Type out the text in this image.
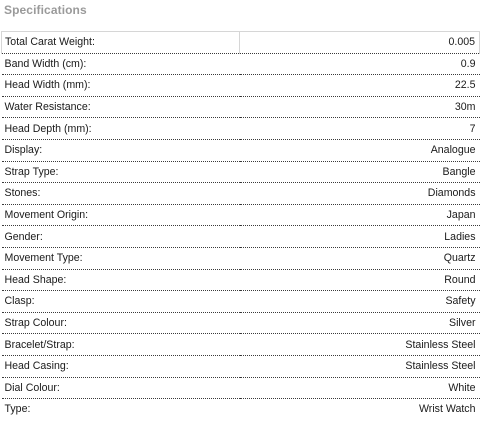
Specifications
Total Carat Weight:	0.005
Band Width (cm):	0.9
Head Width (mm):	22.5
Water Resistance:	30m
Head Depth (mm):	7
Display:	Analogue
Strap Type:	Bangle
Stones:	Diamonds
Movement Origin:	Japan
Gender:	Ladies
Movement Type:	Quartz
Head Shape:	Round
Clasp:	Safety
Strap Colour:	Silver
Bracelet/Strap:	Stainless Steel
Head Casing:	Stainless Steel
Dial Colour:	White
Type:	Wrist Watch
